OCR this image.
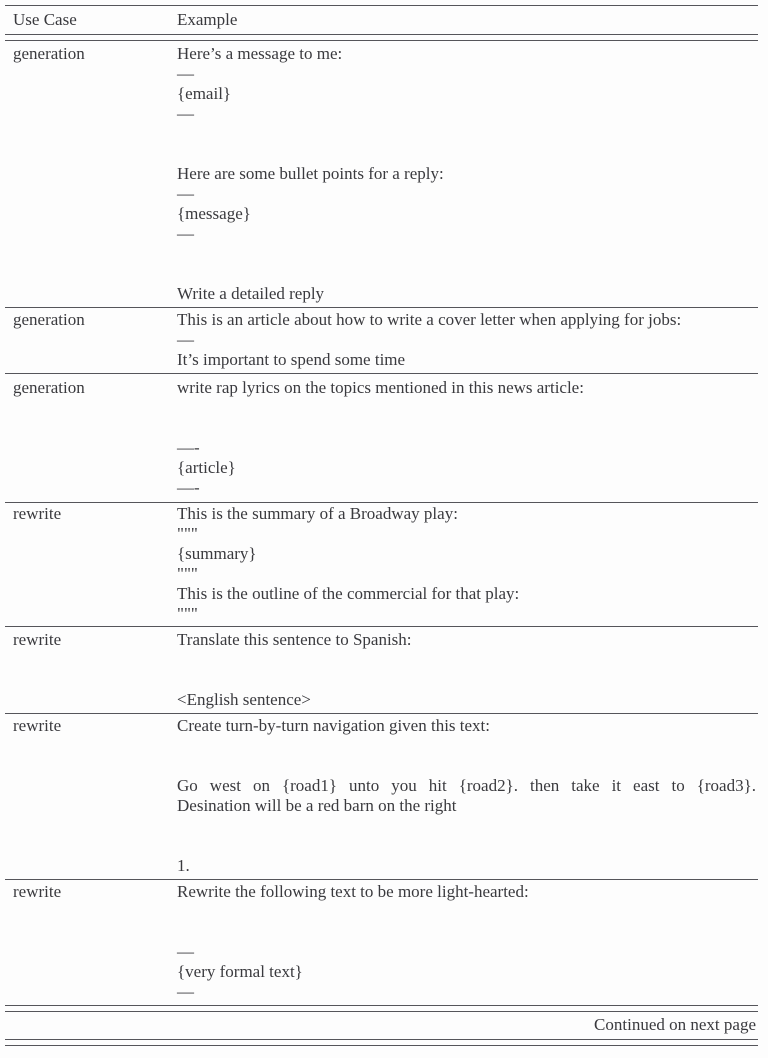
Use Case	Example
generation	Here’s a message to me:
—
{email}
—
Here are some bullet points for a reply:
—
{message}
—
Write a detailed reply
generation	This is an article about how to write a cover letter when applying for jobs:
—
It’s important to spend some time
generation	write rap lyrics on the topics mentioned in this news article:
—-
{article}
—-
rewrite	This is the summary of a Broadway play:
"""
{summary}
"""
This is the outline of the commercial for that play:
"""
rewrite	Translate this sentence to Spanish:
<English sentence>
rewrite	Create turn-by-turn navigation given this text:
Go west on {road1} unto you hit {road2}. then take it east to {road3}.
Desination will be a red barn on the right
1.
rewrite	Rewrite the following text to be more light-hearted:
—
{very formal text}
—
Continued on next page
